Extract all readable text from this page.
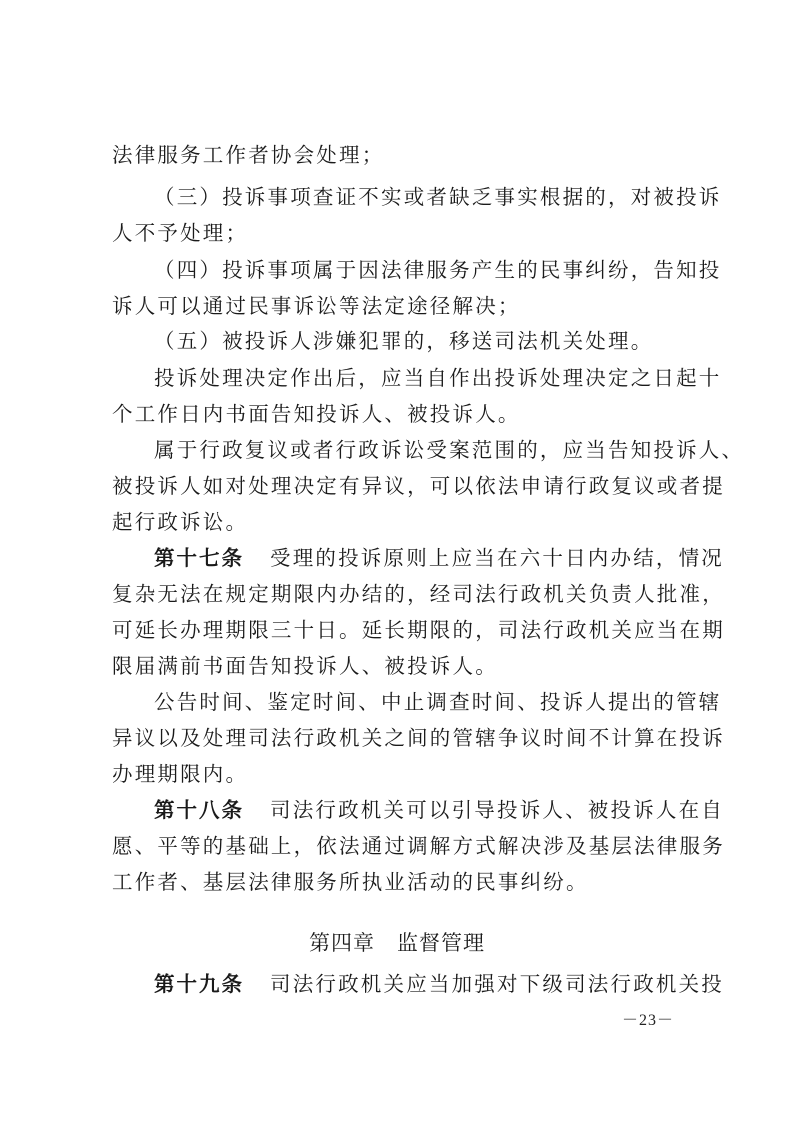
法律服务工作者协会处理；
（三）投诉事项查证不实或者缺乏事实根据的，对被投诉
人不予处理；
（四）投诉事项属于因法律服务产生的民事纠纷，告知投
诉人可以通过民事诉讼等法定途径解决；
（五）被投诉人涉嫌犯罪的，移送司法机关处理。
投诉处理决定作出后，应当自作出投诉处理决定之日起十
个工作日内书面告知投诉人、被投诉人。
属于行政复议或者行政诉讼受案范围的，应当告知投诉人、
被投诉人如对处理决定有异议，可以依法申请行政复议或者提
起行政诉讼。
第十七条 受理的投诉原则上应当在六十日内办结，情况
复杂无法在规定期限内办结的，经司法行政机关负责人批准，
可延长办理期限三十日。延长期限的，司法行政机关应当在期
限届满前书面告知投诉人、被投诉人。
公告时间、鉴定时间、中止调查时间、投诉人提出的管辖
异议以及处理司法行政机关之间的管辖争议时间不计算在投诉
办理期限内。
第十八条 司法行政机关可以引导投诉人、被投诉人在自
愿、平等的基础上，依法通过调解方式解决涉及基层法律服务
工作者、基层法律服务所执业活动的民事纠纷。
第四章　监督管理
第十九条 司法行政机关应当加强对下级司法行政机关投
－23－
